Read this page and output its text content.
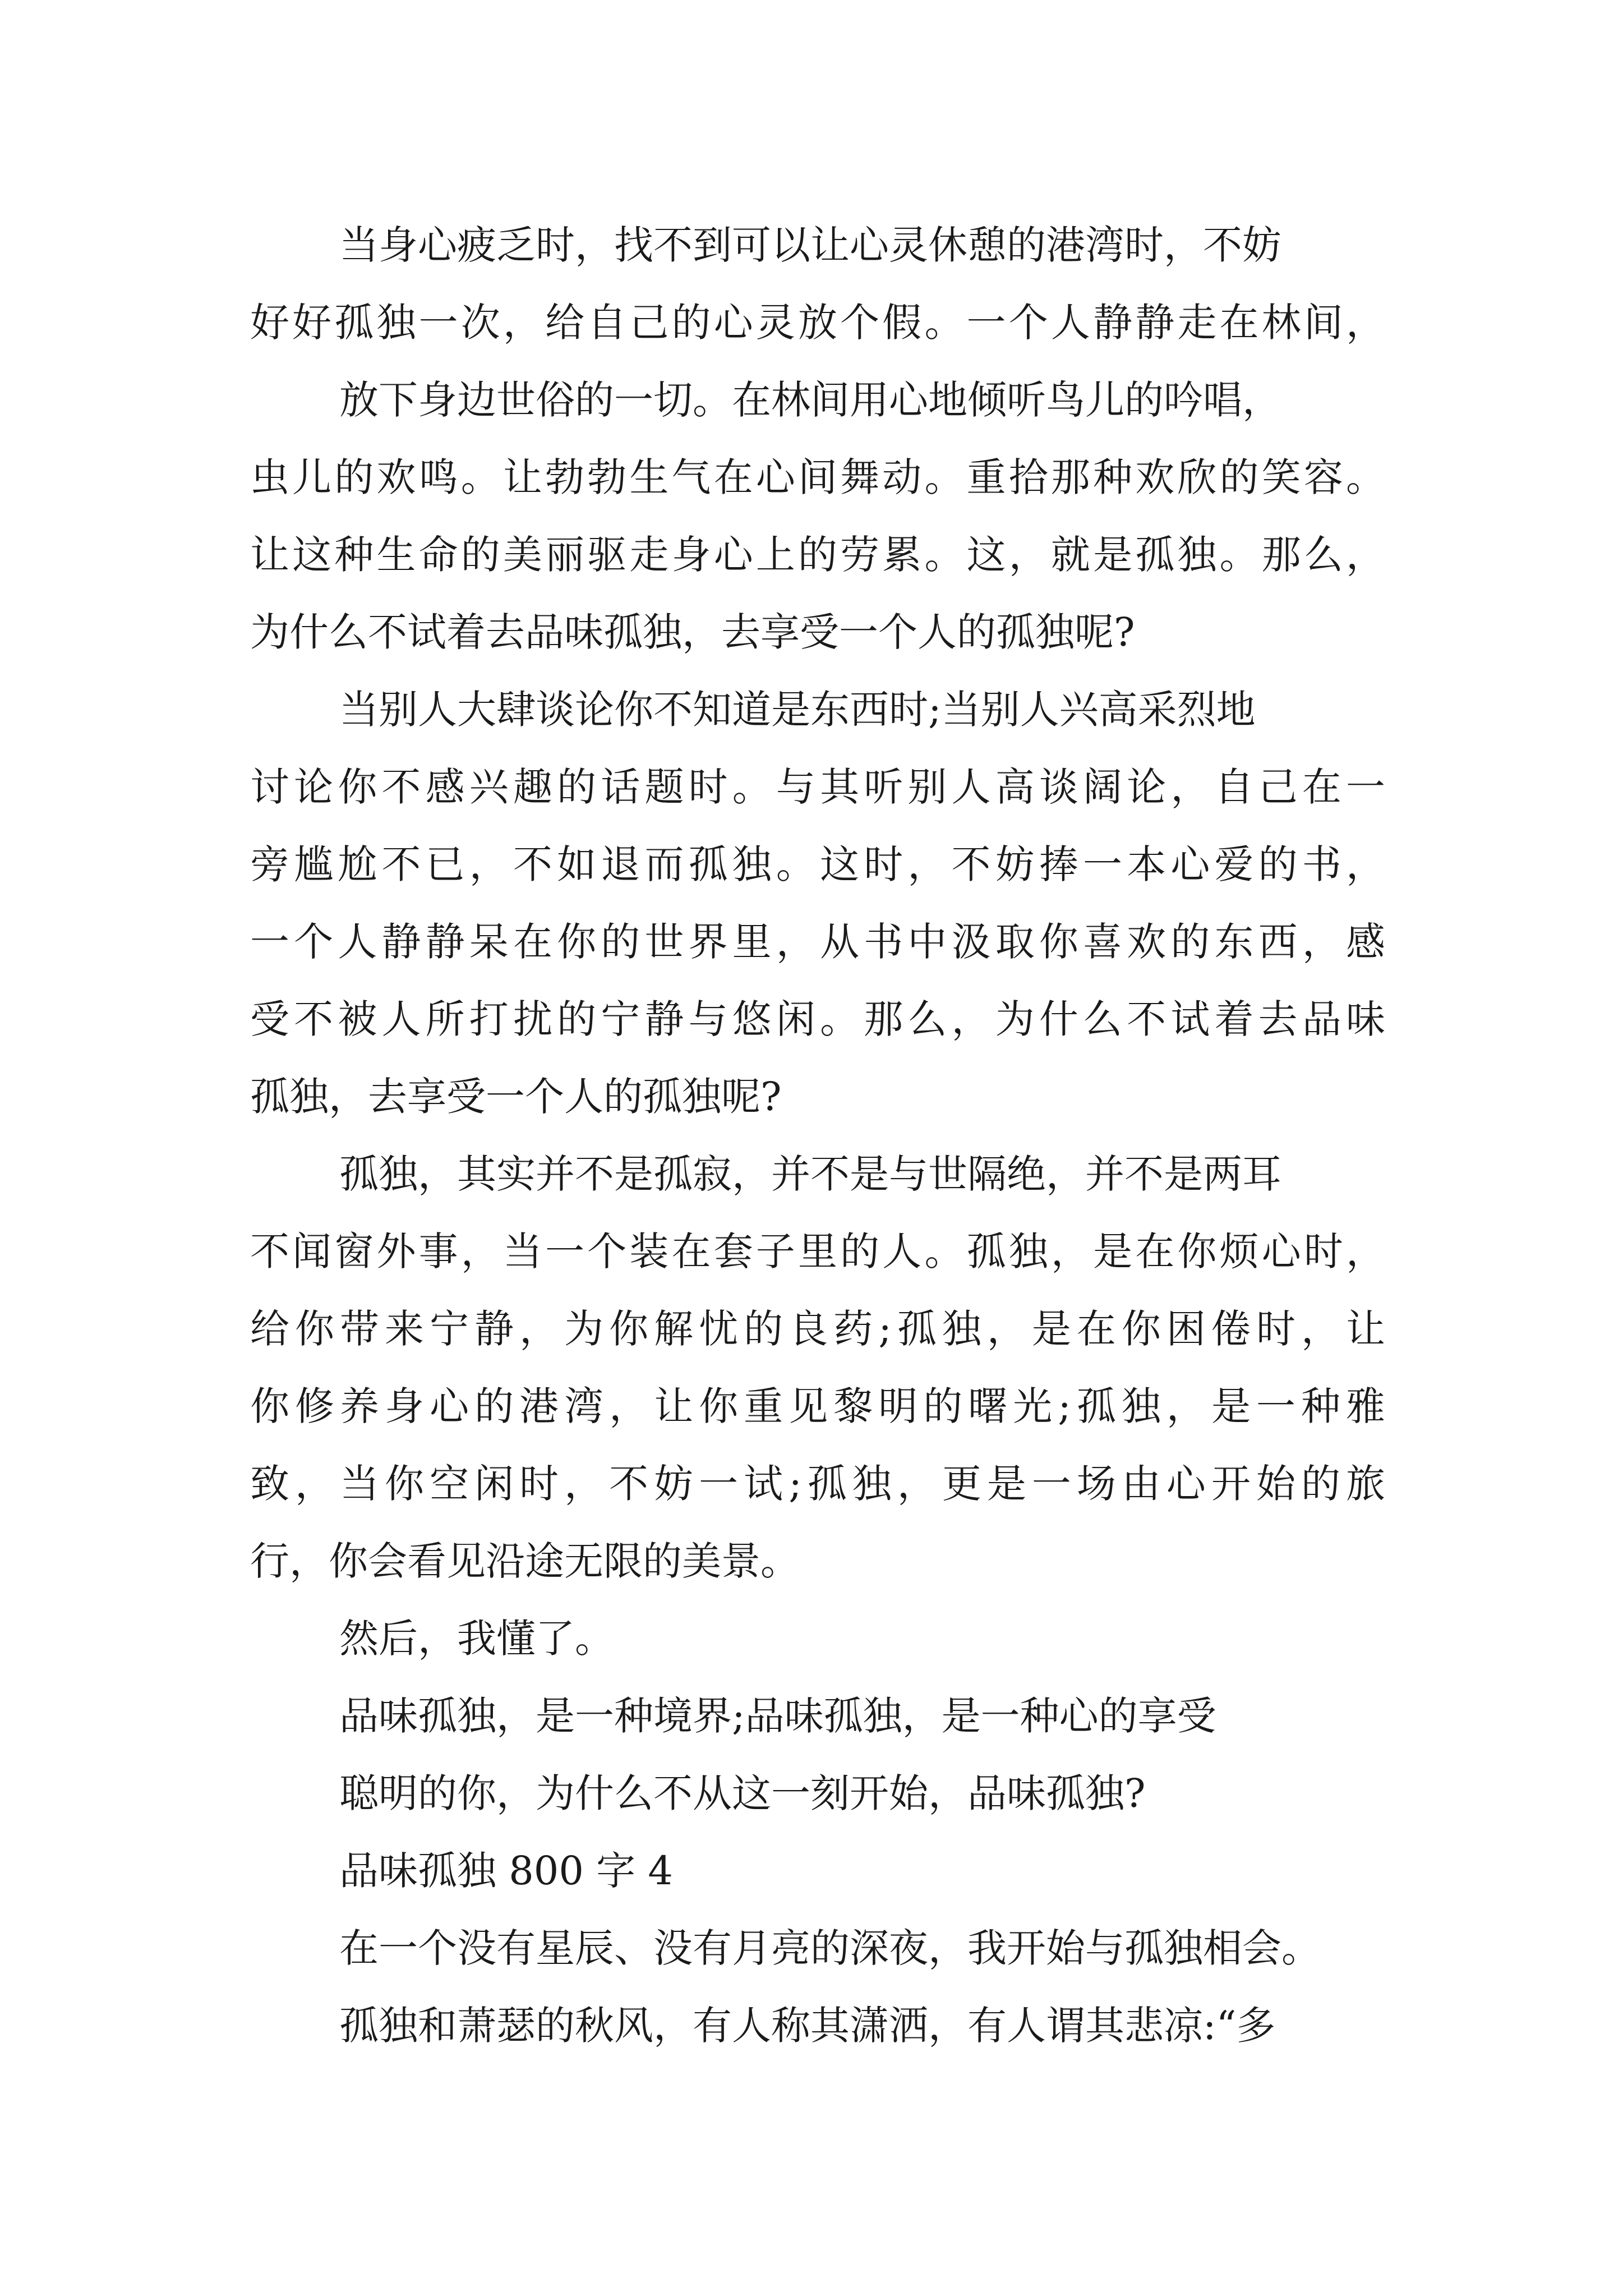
当身心疲乏时，找不到可以让心灵休憩的港湾时，不妨

好好孤独一次，给自己的心灵放个假。一个人静静走在林间，

放下身边世俗的一切。在林间用心地倾听鸟儿的吟唱，

虫儿的欢鸣。让勃勃生气在心间舞动。重拾那种欢欣的笑容。

让这种生命的美丽驱走身心上的劳累。这，就是孤独。那么，

为什么不试着去品味孤独，去享受一个人的孤独呢?

当别人大肆谈论你不知道是东西时;当别人兴高采烈地

讨论你不感兴趣的话题时。与其听别人高谈阔论，自己在一

旁尴尬不已，不如退而孤独。这时，不妨捧一本心爱的书，

一个人静静呆在你的世界里，从书中汲取你喜欢的东西，感

受不被人所打扰的宁静与悠闲。那么，为什么不试着去品味

孤独，去享受一个人的孤独呢?

孤独，其实并不是孤寂，并不是与世隔绝，并不是两耳

不闻窗外事，当一个装在套子里的人。孤独，是在你烦心时，

给你带来宁静，为你解忧的良药;孤独，是在你困倦时，让

你修养身心的港湾，让你重见黎明的曙光;孤独，是一种雅

致，当你空闲时，不妨一试;孤独，更是一场由心开始的旅

行，你会看见沿途无限的美景。

然后，我懂了。

品味孤独，是一种境界;品味孤独，是一种心的享受

聪明的你，为什么不从这一刻开始，品味孤独?

品味孤独 800 字 4

在一个没有星辰、没有月亮的深夜，我开始与孤独相会。

孤独和萧瑟的秋风，有人称其潇洒，有人谓其悲凉:“多
